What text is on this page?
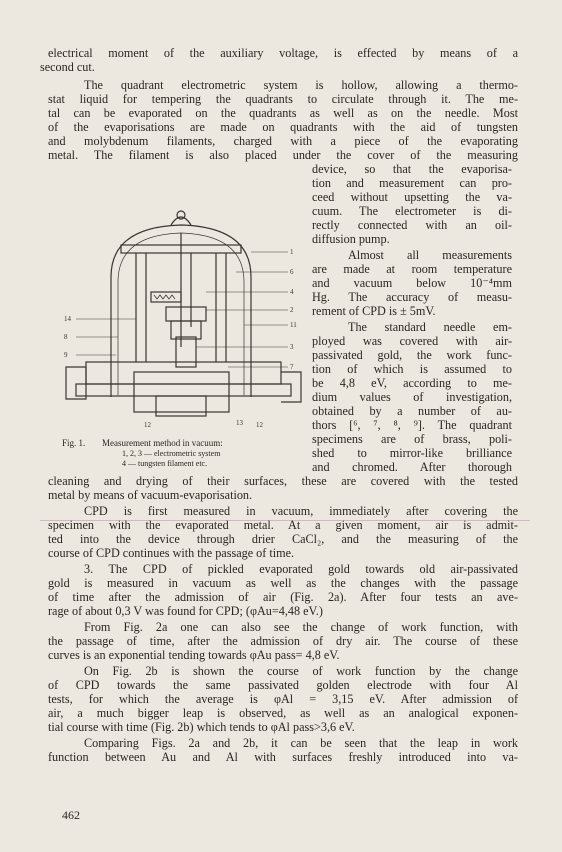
electrical moment of the auxiliary voltage, is effected by means of a
second cut.
The quadrant electrometric system is hollow, allowing a thermo-
stat liquid for tempering the quadrants to circulate through it. The me-
tal can be evaporated on the quadrants as well as on the needle. Most
of the evaporisations are made on quadrants with the aid of tungsten
and molybdenum filaments, charged with a piece of the evaporating
metal. The filament is also placed under the cover of the measuring
device, so that the evaporisa-
tion and measurement can pro-
ceed without upsetting the va-
cuum. The electrometer is di-
rectly connected with an oil-
diffusion pump.
Almost all measurements
are made at room temperature
and vacuum below 10⁻⁴mm
Hg. The accuracy of measu-
rement of CPD is ± 5mV.
The standard needle em-
ployed was covered with air-
passivated gold, the work func-
tion of which is assumed to
be 4,8 eV, according to me-
dium values of investigation,
obtained by a number of au-
thors [⁶, ⁷, ⁸, ⁹]. The quadrant
specimens are of brass, poli-
shed to mirror-like brilliance
and chromed. After thorough
cleaning and drying of their surfaces, these are covered with the tested
metal by means of vacuum-evaporisation.
CPD is first measured in vacuum, immediately after covering the
specimen with the evaporated metal. At a given moment, air is admit-
ted into the device through drier CaCl₂, and the measuring of the
course of CPD continues with the passage of time.
3. The CPD of pickled evaporated gold towards old air-passivated
gold is measured in vacuum as well as the changes with the passage
of time after the admission of air (Fig. 2a). After four tests an ave-
rage of about 0,3 V was found for CPD; (φAu=4,48 eV.)
From Fig. 2a one can also see the change of work function, with
the passage of time, after the admission of dry air. The course of these
curves is an exponential tending towards φAu pass= 4,8 eV.
On Fig. 2b is shown the course of work function by the change
of CPD towards the same passivated golden electrode with four Al
tests, for which the average is φAl = 3,15 eV. After admission of
air, a much bigger leap is observed, as well as an analogical exponen-
tial course with time (Fig. 2b) which tends to φAl pass>3,6 eV.
Comparing Figs. 2a and 2b, it can be seen that the leap in work
function between Au and Al with surfaces freshly introduced into va-
1
6
4
2
11
3
7
14
8
9
12	13 12
Fig. 1. Measurement method in vacuum:
1, 2, 3 — electrometric system
4 — tungsten filament etc.
462
